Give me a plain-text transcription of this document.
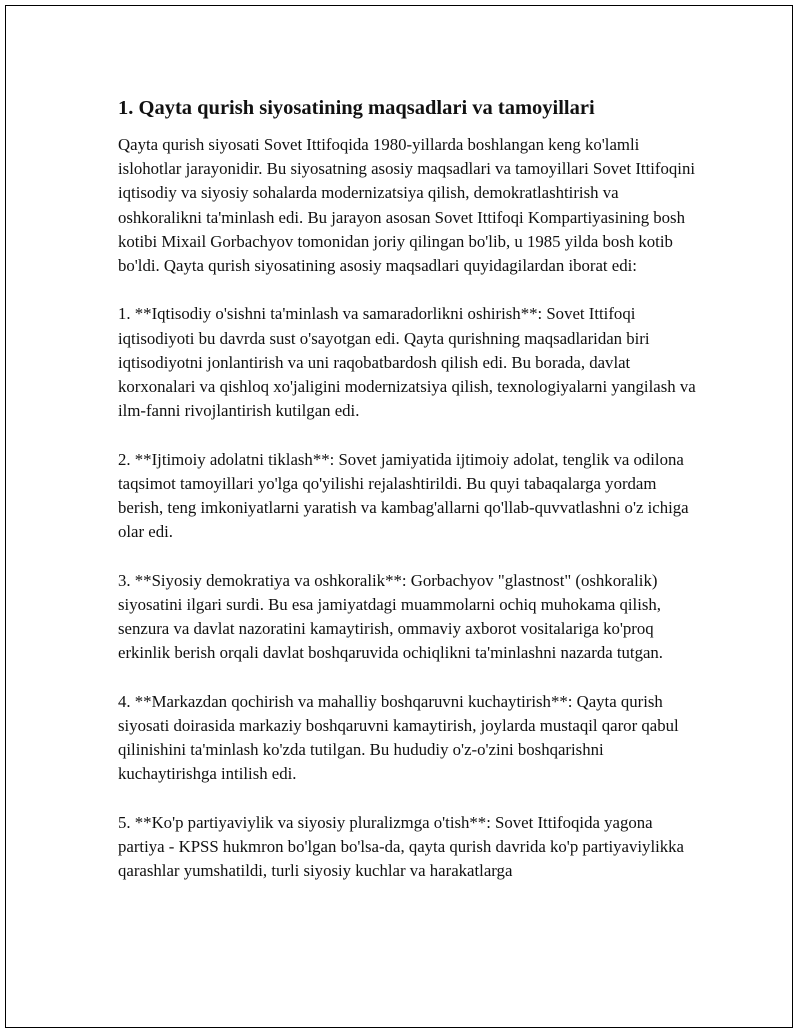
1. Qayta qurish siyosatining maqsadlari va tamoyillari

Qayta qurish siyosati Sovet Ittifoqida 1980-yillarda boshlangan keng ko'lamli islohotlar jarayonidir. Bu siyosatning asosiy maqsadlari va tamoyillari Sovet Ittifoqini iqtisodiy va siyosiy sohalarda modernizatsiya qilish, demokratlashtirish va oshkoralikni ta'minlash edi. Bu jarayon asosan Sovet Ittifoqi Kompartiyasining bosh kotibi Mixail Gorbachyov tomonidan joriy qilingan bo'lib, u 1985 yilda bosh kotib bo'ldi. Qayta qurish siyosatining asosiy maqsadlari quyidagilardan iborat edi:

1. **Iqtisodiy o'sishni ta'minlash va samaradorlikni oshirish**: Sovet Ittifoqi iqtisodiyoti bu davrda sust o'sayotgan edi. Qayta qurishning maqsadlaridan biri iqtisodiyotni jonlantirish va uni raqobatbardosh qilish edi. Bu borada, davlat korxonalari va qishloq xo'jaligini modernizatsiya qilish, texnologiyalarni yangilash va ilm-fanni rivojlantirish kutilgan edi.

2. **Ijtimoiy adolatni tiklash**: Sovet jamiyatida ijtimoiy adolat, tenglik va odilona taqsimot tamoyillari yo'lga qo'yilishi rejalashtirildi. Bu quyi tabaqalarga yordam berish, teng imkoniyatlarni yaratish va kambag'allarni qo'llab-quvvatlashni o'z ichiga olar edi.

3. **Siyosiy demokratiya va oshkoralik**: Gorbachyov "glastnost" (oshkoralik) siyosatini ilgari surdi. Bu esa jamiyatdagi muammolarni ochiq muhokama qilish, senzura va davlat nazoratini kamaytirish, ommaviy axborot vositalariga ko'proq erkinlik berish orqali davlat boshqaruvida ochiqlikni ta'minlashni nazarda tutgan.

4. **Markazdan qochirish va mahalliy boshqaruvni kuchaytirish**: Qayta qurish siyosati doirasida markaziy boshqaruvni kamaytirish, joylarda mustaqil qaror qabul qilinishini ta'minlash ko'zda tutilgan. Bu hududiy o'z-o'zini boshqarishni kuchaytirishga intilish edi.

5. **Ko'p partiyaviylik va siyosiy pluralizmga o'tish**: Sovet Ittifoqida yagona partiya - KPSS hukmron bo'lgan bo'lsa-da, qayta qurish davrida ko'p partiyaviylikka qarashlar yumshatildi, turli siyosiy kuchlar va harakatlarga
